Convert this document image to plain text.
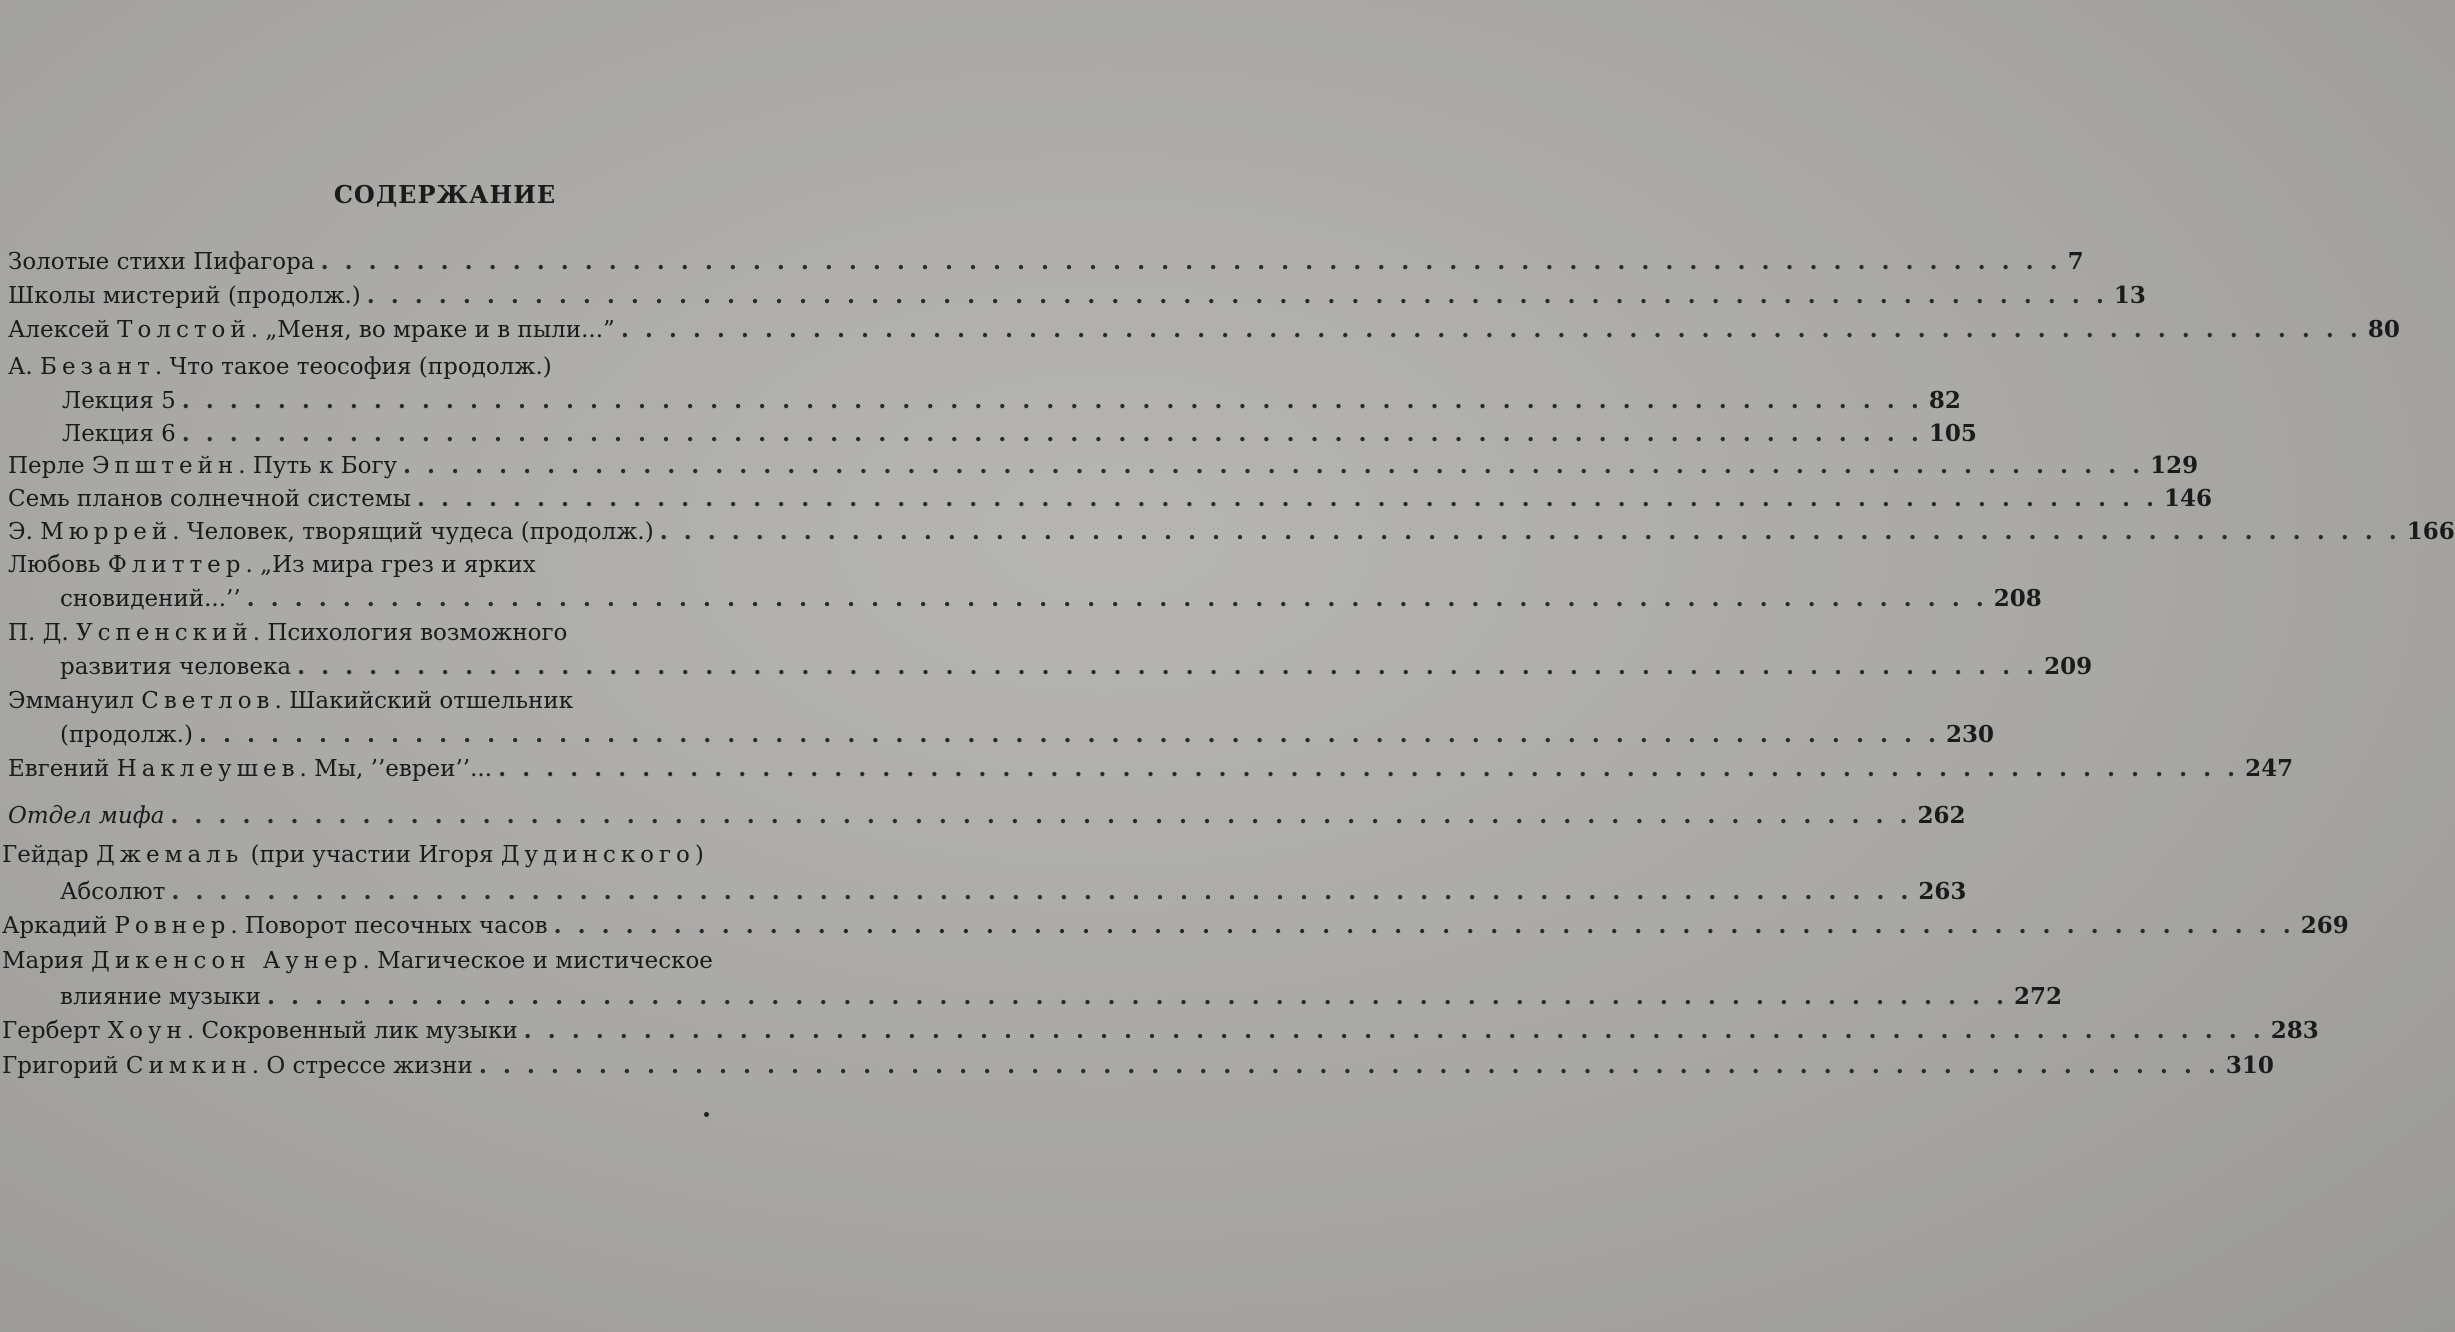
СОДЕРЖАНИЕ
Золотые стихи Пифагора . . . . . . . . . . . . . . . . . . . . . . . . . . . . . . . . . . . . . . . . . . . . . . . . . . . . . . . . . . . . . . . . . . . . . . . . . 7
Школы мистерий (продолж.) . . . . . . . . . . . . . . . . . . . . . . . . . . . . . . . . . . . . . . . . . . . . . . . . . . . . . . . . . . . . . . . . . . . . . . . . . 13
Алексей Толстой. „Меня, во мраке и в пыли...” . . . . . . . . . . . . . . . . . . . . . . . . . . . . . . . . . . . . . . . . . . . . . . . . . . . . . . . . . . . . . . . . . . . . . . . . . 80
А. Безант. Что такое теософия (продолж.)
Лекция 5 . . . . . . . . . . . . . . . . . . . . . . . . . . . . . . . . . . . . . . . . . . . . . . . . . . . . . . . . . . . . . . . . . . . . . . . . . 82
Лекция 6 . . . . . . . . . . . . . . . . . . . . . . . . . . . . . . . . . . . . . . . . . . . . . . . . . . . . . . . . . . . . . . . . . . . . . . . . . 105
Перле Эпштейн. Путь к Богу . . . . . . . . . . . . . . . . . . . . . . . . . . . . . . . . . . . . . . . . . . . . . . . . . . . . . . . . . . . . . . . . . . . . . . . . . 129
Семь планов солнечной системы . . . . . . . . . . . . . . . . . . . . . . . . . . . . . . . . . . . . . . . . . . . . . . . . . . . . . . . . . . . . . . . . . . . . . . . . . 146
Э. Мюррей. Человек, творящий чудеса (продолж.) . . . . . . . . . . . . . . . . . . . . . . . . . . . . . . . . . . . . . . . . . . . . . . . . . . . . . . . . . . . . . . . . . . . . . . . . . 166
Любовь Флиттер. „Из мира грез и ярких
сновидений...’’ . . . . . . . . . . . . . . . . . . . . . . . . . . . . . . . . . . . . . . . . . . . . . . . . . . . . . . . . . . . . . . . . . . . . . . . . . 208
П. Д. Успенский. Психология возможного
развития человека . . . . . . . . . . . . . . . . . . . . . . . . . . . . . . . . . . . . . . . . . . . . . . . . . . . . . . . . . . . . . . . . . . . . . . . . . 209
Эммануил Светлов. Шакийский отшельник
(продолж.) . . . . . . . . . . . . . . . . . . . . . . . . . . . . . . . . . . . . . . . . . . . . . . . . . . . . . . . . . . . . . . . . . . . . . . . . . 230
Евгений Наклеушев. Мы, ’’евреи’’... . . . . . . . . . . . . . . . . . . . . . . . . . . . . . . . . . . . . . . . . . . . . . . . . . . . . . . . . . . . . . . . . . . . . . . . . . 247
Отдел мифа . . . . . . . . . . . . . . . . . . . . . . . . . . . . . . . . . . . . . . . . . . . . . . . . . . . . . . . . . . . . . . . . . . . . . . . . . 262
Гейдар Джемаль (при участии Игоря Дудинского)
Абсолют . . . . . . . . . . . . . . . . . . . . . . . . . . . . . . . . . . . . . . . . . . . . . . . . . . . . . . . . . . . . . . . . . . . . . . . . . 263
Аркадий Ровнер. Поворот песочных часов . . . . . . . . . . . . . . . . . . . . . . . . . . . . . . . . . . . . . . . . . . . . . . . . . . . . . . . . . . . . . . . . . . . . . . . . . 269
Мария Дикенсон Аунер. Магическое и мистическое
влияние музыки . . . . . . . . . . . . . . . . . . . . . . . . . . . . . . . . . . . . . . . . . . . . . . . . . . . . . . . . . . . . . . . . . . . . . . . . . 272
Герберт Хоун. Сокровенный лик музыки . . . . . . . . . . . . . . . . . . . . . . . . . . . . . . . . . . . . . . . . . . . . . . . . . . . . . . . . . . . . . . . . . . . . . . . . . 283
Григорий Симкин. О стрессе жизни . . . . . . . . . . . . . . . . . . . . . . . . . . . . . . . . . . . . . . . . . . . . . . . . . . . . . . . . . . . . . . . . . . . . . . . . . 310
